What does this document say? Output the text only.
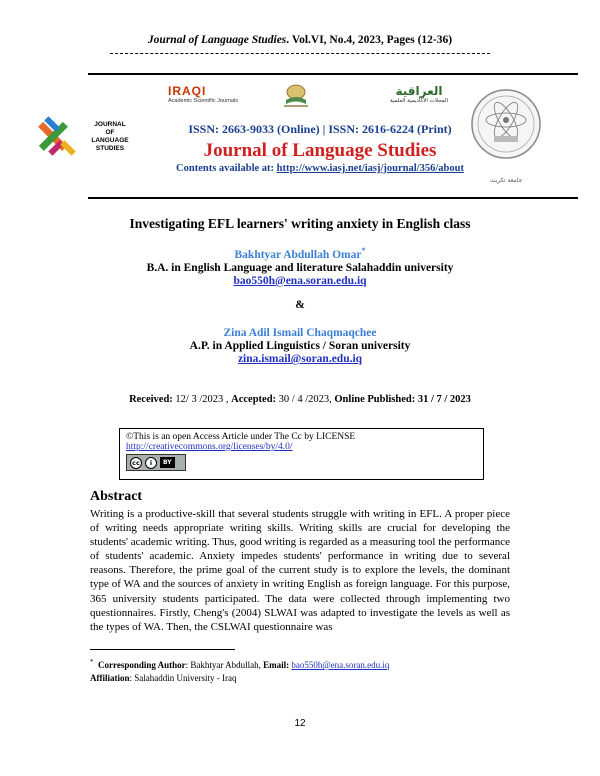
Journal of Language Studies. Vol.VI, No.4, 2023, Pages (12-36)
JOURNAL OF LANGUAGE STUDIES
IRAQI
Academic Scientific Journals
العراقية
المجلات الأكاديمية العلمية
ISSN: 2663-9033 (Online) | ISSN: 2616-6224 (Print)
Journal of Language Studies
Contents available at: http://www.iasj.net/iasj/journal/356/about
جامعة تكريت
Investigating EFL learners' writing anxiety in English class
Bakhtyar Abdullah Omar*
B.A. in English Language and literature Salahaddin university
bao550h@ena.soran.edu.iq
&
Zina Adil Ismail Chaqmaqchee
A.P. in Applied Linguistics / Soran university
zina.ismail@soran.edu.iq
Received: 12/ 3 /2023 , Accepted: 30 / 4 /2023, Online Published: 31 / 7 / 2023
©This is an open Access Article under The Cc by LICENSE
http://creativecommons.org/licenses/by/4.0/
cc	i	BY
Abstract
Writing is a productive-skill that several students struggle with writing in EFL. A proper piece of writing needs appropriate writing skills. Writing skills are crucial for developing the students' academic writing. Thus, good writing is regarded as a measuring tool the performance of students' academic. Anxiety impedes students' performance in writing due to several reasons. Therefore, the prime goal of the current study is to explore the levels, the dominant type of WA and the sources of anxiety in writing English as foreign language. For this purpose, 365 university students participated. The data were collected through implementing two questionnaires. Firstly, Cheng's (2004) SLWAI was adapted to investigate the levels as well as the types of WA. Then, the CSLWAI questionnaire was
* Corresponding Author: Bakhtyar Abdullah, Email: bao550h@ena.soran.edu.iq
Affiliation: Salahaddin University - Iraq
12
